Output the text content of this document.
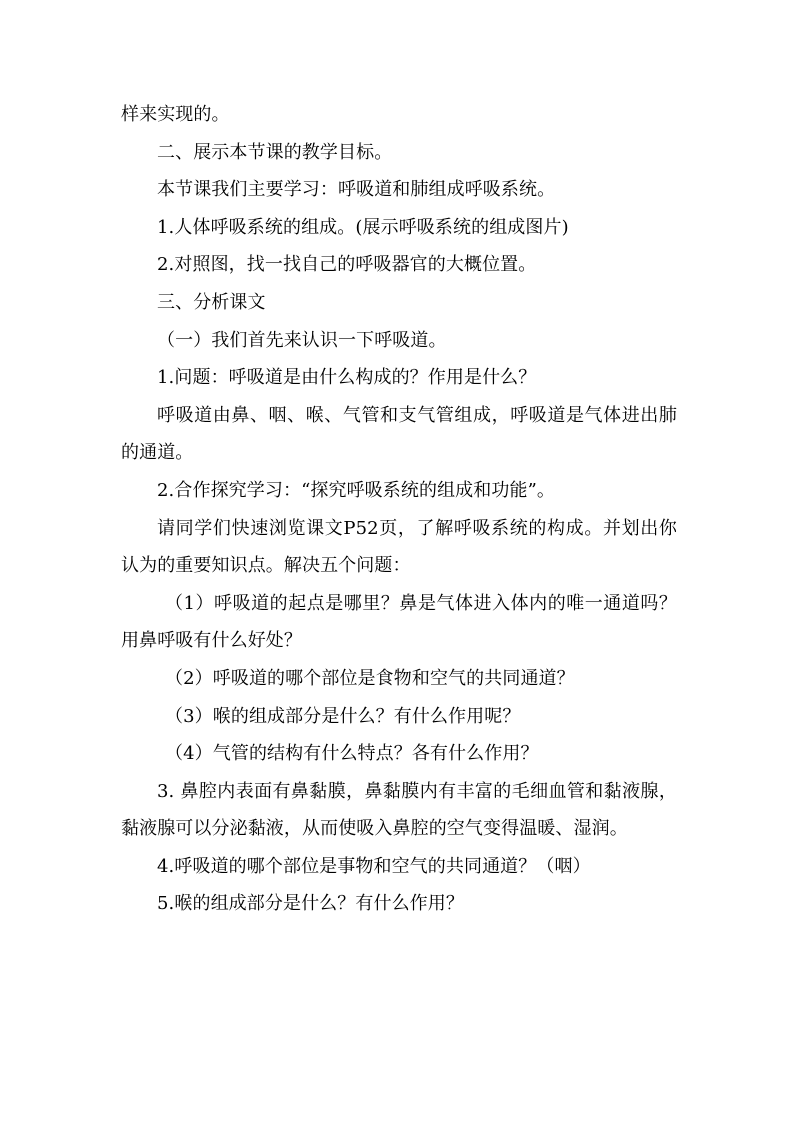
样来实现的。

二、展示本节课的教学目标。

本节课我们主要学习：呼吸道和肺组成呼吸系统。

1.人体呼吸系统的组成。(展示呼吸系统的组成图片)

2.对照图，找一找自己的呼吸器官的大概位置。

三、分析课文

（一）我们首先来认识一下呼吸道。

1.问题：呼吸道是由什么构成的？作用是什么？

呼吸道由鼻、咽、喉、气管和支气管组成，呼吸道是气体进出肺的通道。

2.合作探究学习：“探究呼吸系统的组成和功能”。

请同学们快速浏览课文P52页，了解呼吸系统的构成。并划出你认为的重要知识点。解决五个问题：

（1）呼吸道的起点是哪里？鼻是气体进入体内的唯一通道吗？用鼻呼吸有什么好处？

（2）呼吸道的哪个部位是食物和空气的共同通道？

（3）喉的组成部分是什么？有什么作用呢？

（4）气管的结构有什么特点？各有什么作用？

3. 鼻腔内表面有鼻黏膜，鼻黏膜内有丰富的毛细血管和黏液腺，黏液腺可以分泌黏液，从而使吸入鼻腔的空气变得温暖、湿润。

4.呼吸道的哪个部位是事物和空气的共同通道？（咽）

5.喉的组成部分是什么？有什么作用？
